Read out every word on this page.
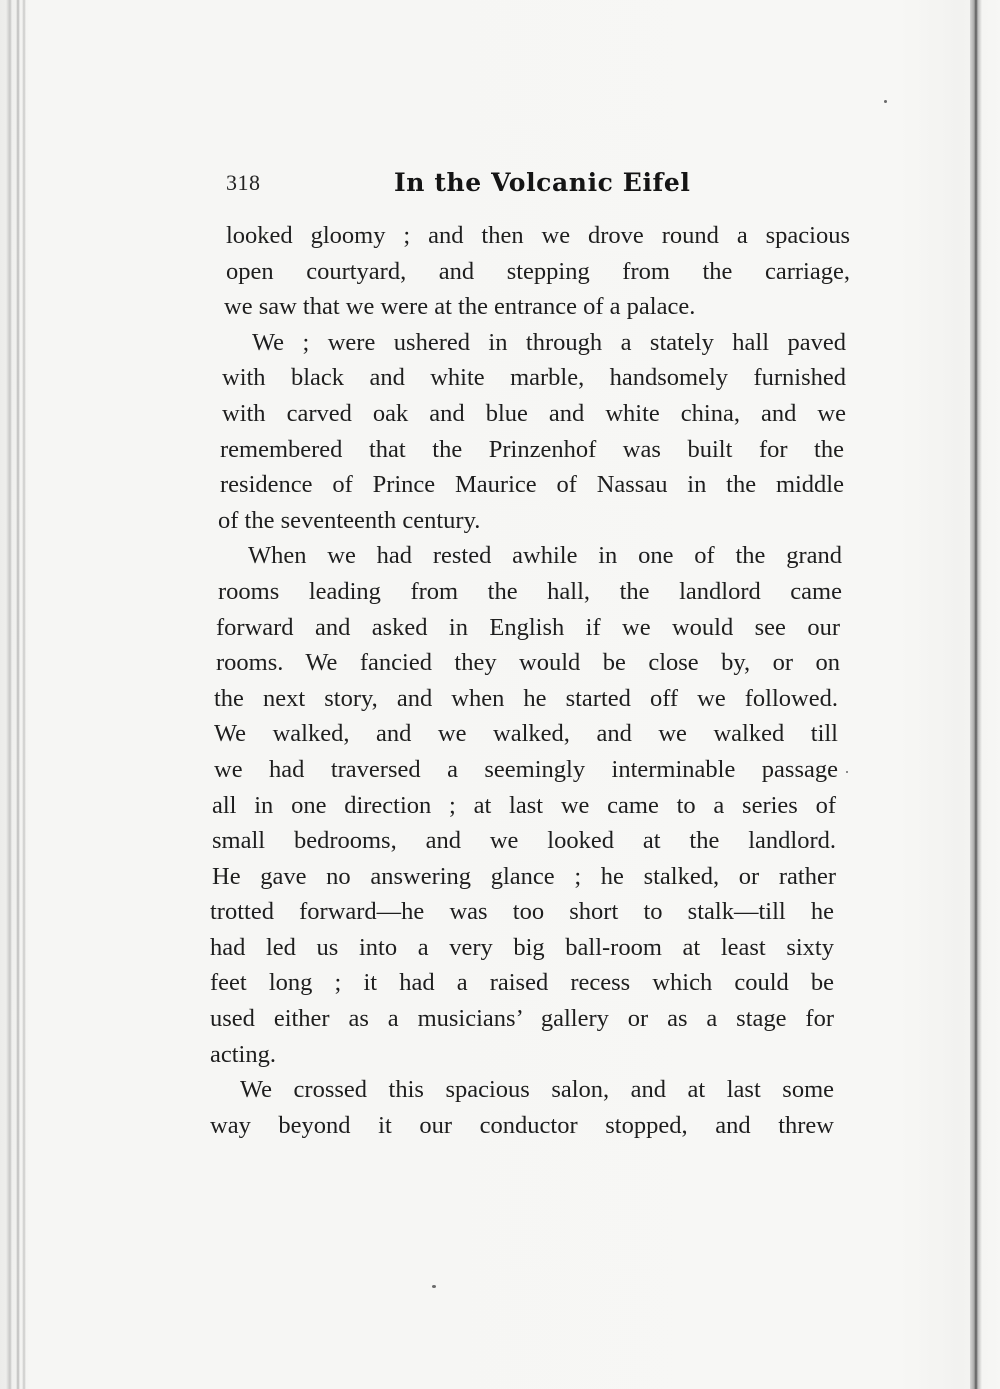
318	In the Volcanic Eifel
looked gloomy ; and then we drove round a spacious
open courtyard, and stepping from the carriage,
we saw that we were at the entrance of a palace.
We ; were ushered in through a stately hall paved
with black and white marble, handsomely furnished
with carved oak and blue and white china, and we
remembered that the Prinzenhof was built for the
residence of Prince Maurice of Nassau in the middle
of the seventeenth century.
When we had rested awhile in one of the grand
rooms leading from the hall, the landlord came
forward and asked in English if we would see our
rooms. We fancied they would be close by, or on
the next story, and when he started off we followed.
We walked, and we walked, and we walked till
we had traversed a seemingly interminable passage
all in one direction ; at last we came to a series of
small bedrooms, and we looked at the landlord.
He gave no answering glance ; he stalked, or rather
trotted forward—he was too short to stalk—till he
had led us into a very big ball-room at least sixty
feet long ; it had a raised recess which could be
used either as a musicians’ gallery or as a stage for
acting.
We crossed this spacious salon, and at last some
way beyond it our conductor stopped, and threw
